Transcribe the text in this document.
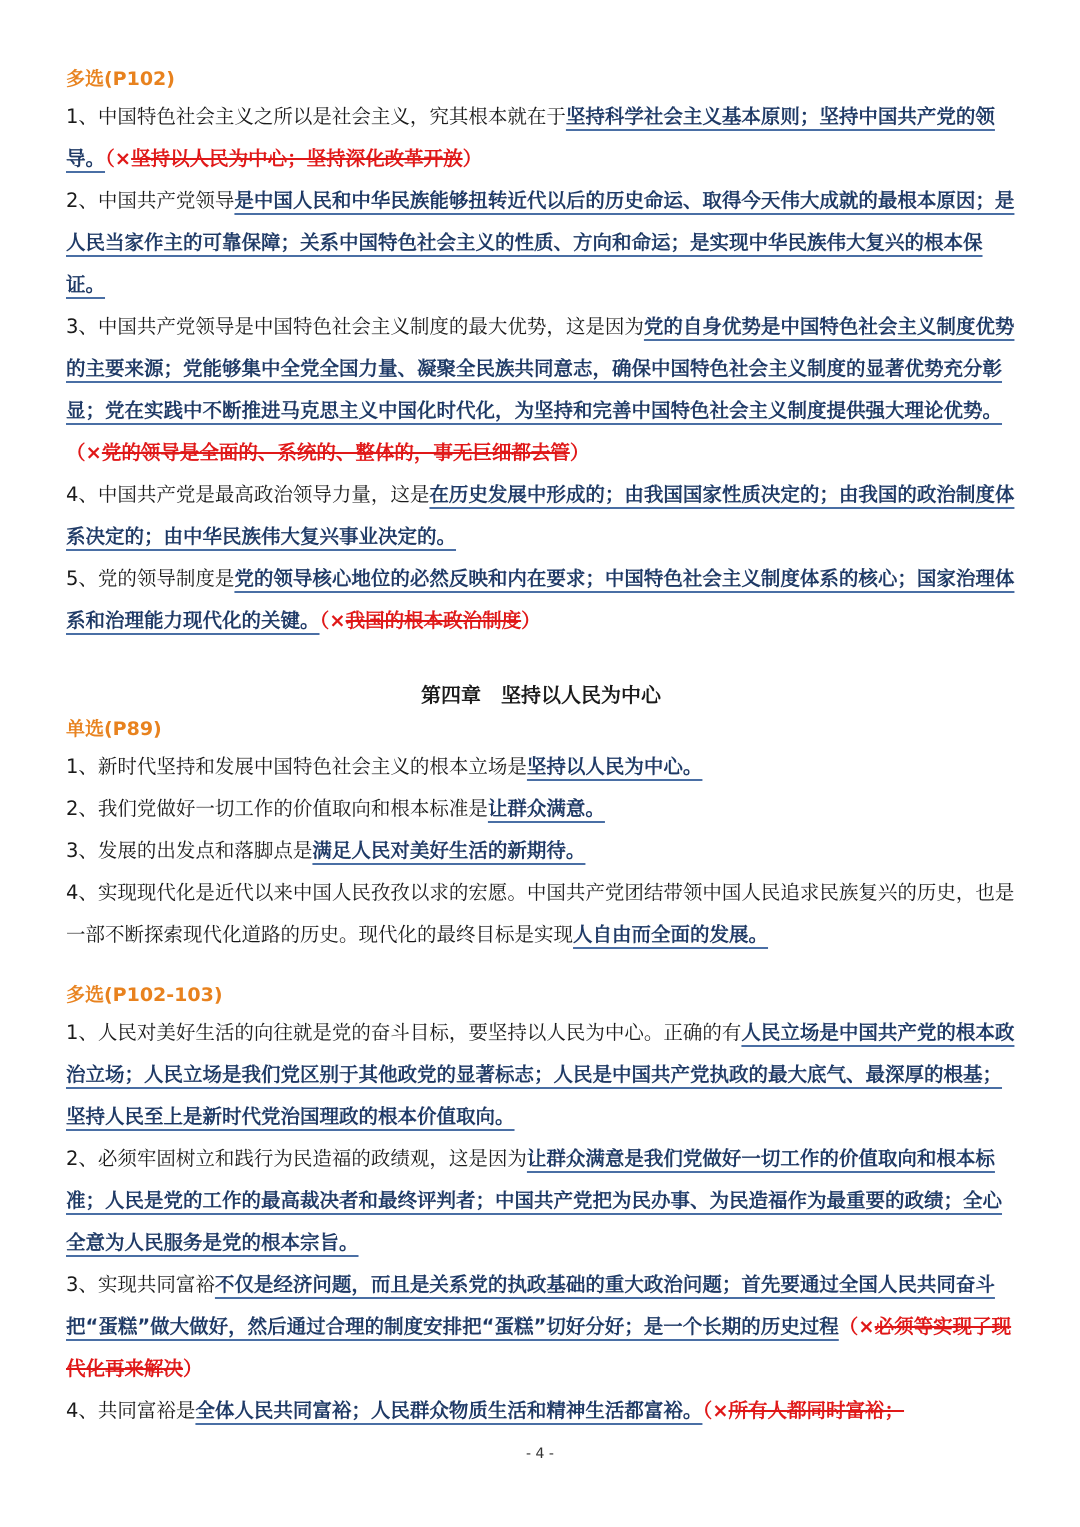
多选(P102)

1、中国特色社会主义之所以是社会主义，究其根本就在于坚持科学社会主义基本原则；坚持中国共产党的领导。（×坚持以人民为中心；坚持深化改革开放）

2、中国共产党领导是中国人民和中华民族能够扭转近代以后的历史命运、取得今天伟大成就的最根本原因；是人民当家作主的可靠保障；关系中国特色社会主义的性质、方向和命运；是实现中华民族伟大复兴的根本保证。

3、中国共产党领导是中国特色社会主义制度的最大优势，这是因为党的自身优势是中国特色社会主义制度优势的主要来源；党能够集中全党全国力量、凝聚全民族共同意志，确保中国特色社会主义制度的显著优势充分彰显；党在实践中不断推进马克思主义中国化时代化，为坚持和完善中国特色社会主义制度提供强大理论优势。（×党的领导是全面的、系统的、整体的，事无巨细都去管）

4、中国共产党是最高政治领导力量，这是在历史发展中形成的；由我国国家性质决定的；由我国的政治制度体系决定的；由中华民族伟大复兴事业决定的。

5、党的领导制度是党的领导核心地位的必然反映和内在要求；中国特色社会主义制度体系的核心；国家治理体系和治理能力现代化的关键。（×我国的根本政治制度）

第四章　坚持以人民为中心
单选(P89)

1、新时代坚持和发展中国特色社会主义的根本立场是坚持以人民为中心。

2、我们党做好一切工作的价值取向和根本标准是让群众满意。

3、发展的出发点和落脚点是满足人民对美好生活的新期待。

4、实现现代化是近代以来中国人民孜孜以求的宏愿。中国共产党团结带领中国人民追求民族复兴的历史，也是一部不断探索现代化道路的历史。现代化的最终目标是实现人自由而全面的发展。

多选(P102-103)

1、人民对美好生活的向往就是党的奋斗目标，要坚持以人民为中心。正确的有人民立场是中国共产党的根本政治立场；人民立场是我们党区别于其他政党的显著标志；人民是中国共产党执政的最大底气、最深厚的根基；坚持人民至上是新时代党治国理政的根本价值取向。

2、必须牢固树立和践行为民造福的政绩观，这是因为让群众满意是我们党做好一切工作的价值取向和根本标准；人民是党的工作的最高裁决者和最终评判者；中国共产党把为民办事、为民造福作为最重要的政绩；全心全意为人民服务是党的根本宗旨。

3、实现共同富裕不仅是经济问题，而且是关系党的执政基础的重大政治问题；首先要通过全国人民共同奋斗把“蛋糕”做大做好，然后通过合理的制度安排把“蛋糕”切好分好；是一个长期的历史过程（×必须等实现了现代化再来解决）

4、共同富裕是全体人民共同富裕；人民群众物质生活和精神生活都富裕。（×所有人都同时富裕；

- 4 -
